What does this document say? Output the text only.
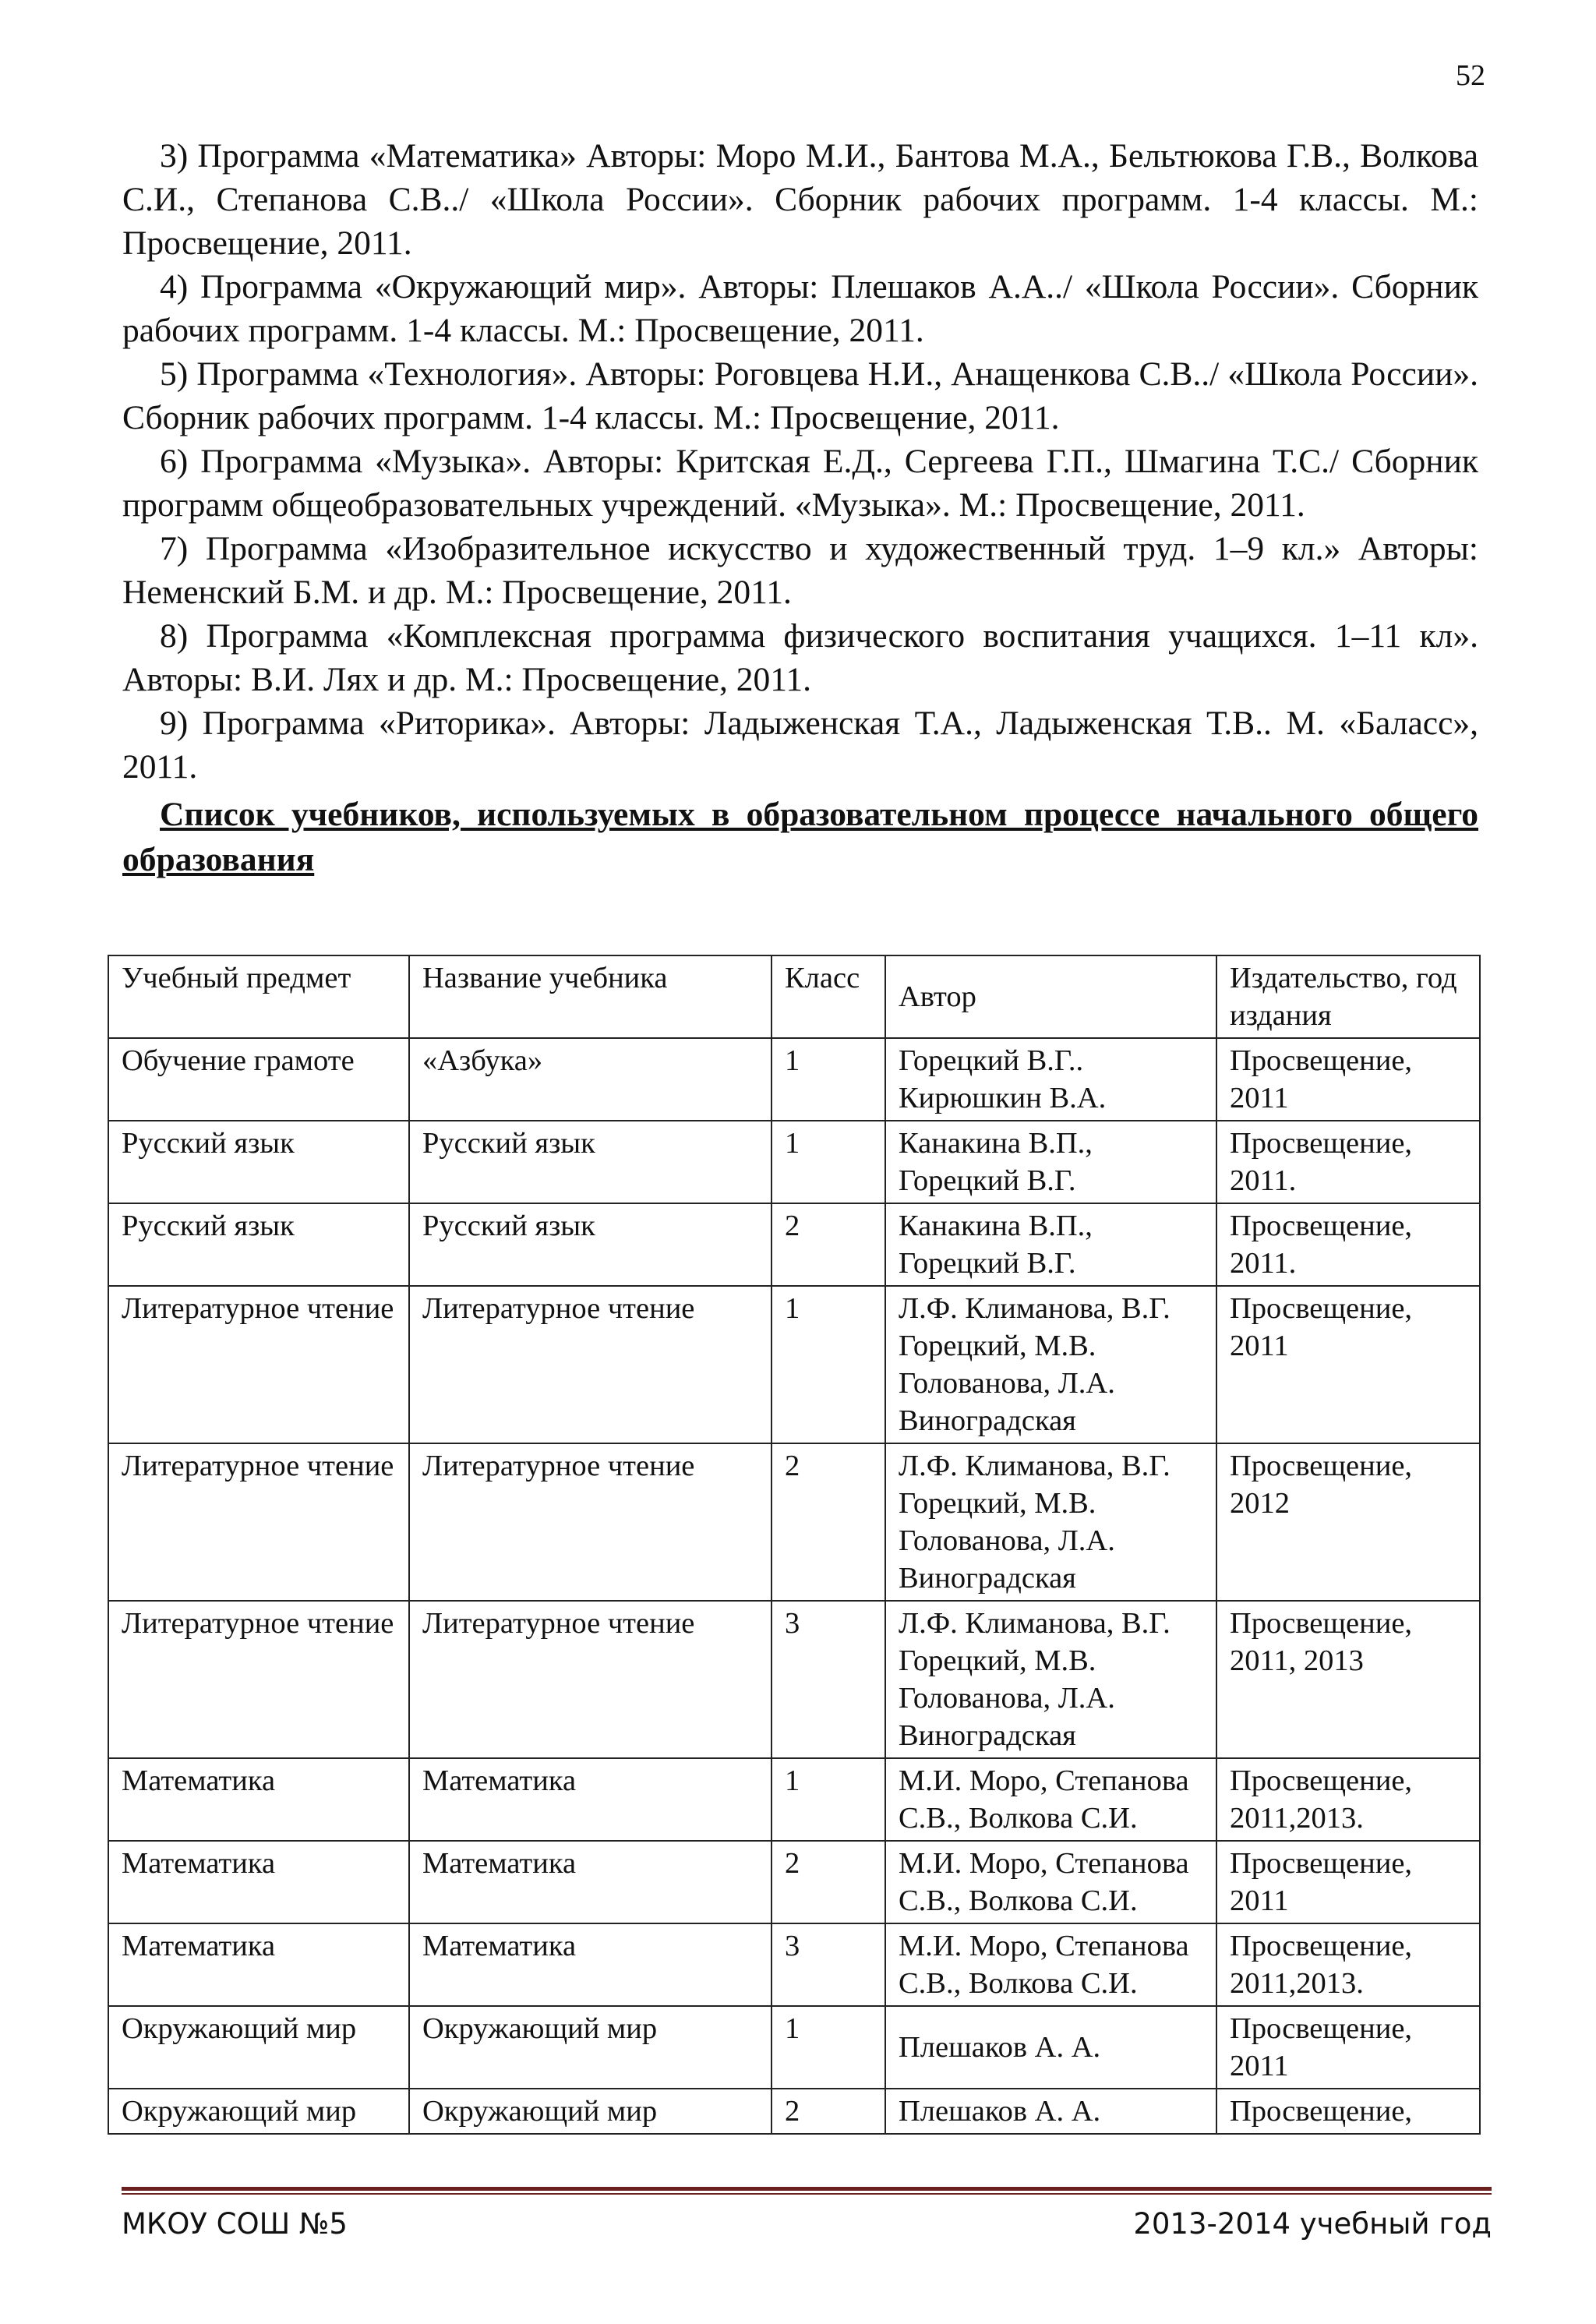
52

3) Программа «Математика» Авторы: Моро М.И., Бантова М.А., Бельтюкова Г.В., Волкова С.И., Степанова С.В../ «Школа России». Сборник рабочих программ. 1-4 классы. М.: Просвещение, 2011.

4) Программа «Окружающий мир». Авторы: Плешаков А.А../ «Школа России». Сборник рабочих программ. 1-4 классы. М.: Просвещение, 2011.

5) Программа «Технология». Авторы: Роговцева Н.И., Анащенкова С.В../ «Школа России». Сборник рабочих программ. 1-4 классы. М.: Просвещение, 2011.

6) Программа «Музыка». Авторы: Критская Е.Д., Сергеева Г.П., Шмагина Т.С./ Сборник программ общеобразовательных учреждений. «Музыка». М.: Просвещение, 2011.

7) Программа «Изобразительное искусство и художественный труд. 1–9 кл.» Авторы: Неменский Б.М. и др. М.: Просвещение, 2011.

8) Программа «Комплексная программа физического воспитания учащихся. 1–11 кл». Авторы: В.И. Лях и др. М.: Просвещение, 2011.

9) Программа «Риторика». Авторы: Ладыженская Т.А., Ладыженская Т.В.. М. «Баласс», 2011.

Список учебников, используемых в образовательном процессе начального общего образования
Учебный предмет	Название учебника	Класс	Автор	Издательство, год издания
Обучение грамоте	«Азбука»	1	Горецкий В.Г.. Кирюшкин В.А.	Просвещение, 2011
Русский язык	Русский язык	1	Канакина В.П., Горецкий В.Г.	Просвещение, 2011.
Русский язык	Русский язык	2	Канакина В.П., Горецкий В.Г.	Просвещение, 2011.
Литературное чтение	Литературное чтение	1	Л.Ф. Климанова, В.Г. Горецкий, М.В. Голованова, Л.А. Виноградская	Просвещение, 2011
Литературное чтение	Литературное чтение	2	Л.Ф. Климанова, В.Г. Горецкий, М.В. Голованова, Л.А. Виноградская	Просвещение, 2012
Литературное чтение	Литературное чтение	3	Л.Ф. Климанова, В.Г. Горецкий, М.В. Голованова, Л.А. Виноградская	Просвещение, 2011, 2013
Математика	Математика	1	М.И. Моро, Степанова С.В., Волкова С.И.	Просвещение, 2011,2013.
Математика	Математика	2	М.И. Моро, Степанова С.В., Волкова С.И.	Просвещение, 2011
Математика	Математика	3	М.И. Моро, Степанова С.В., Волкова С.И.	Просвещение, 2011,2013.
Окружающий мир	Окружающий мир	1	Плешаков А. А.	Просвещение, 2011
Окружающий мир	Окружающий мир	2	Плешаков А. А.	Просвещение,
МКОУ СОШ №5	2013-2014 учебный год
